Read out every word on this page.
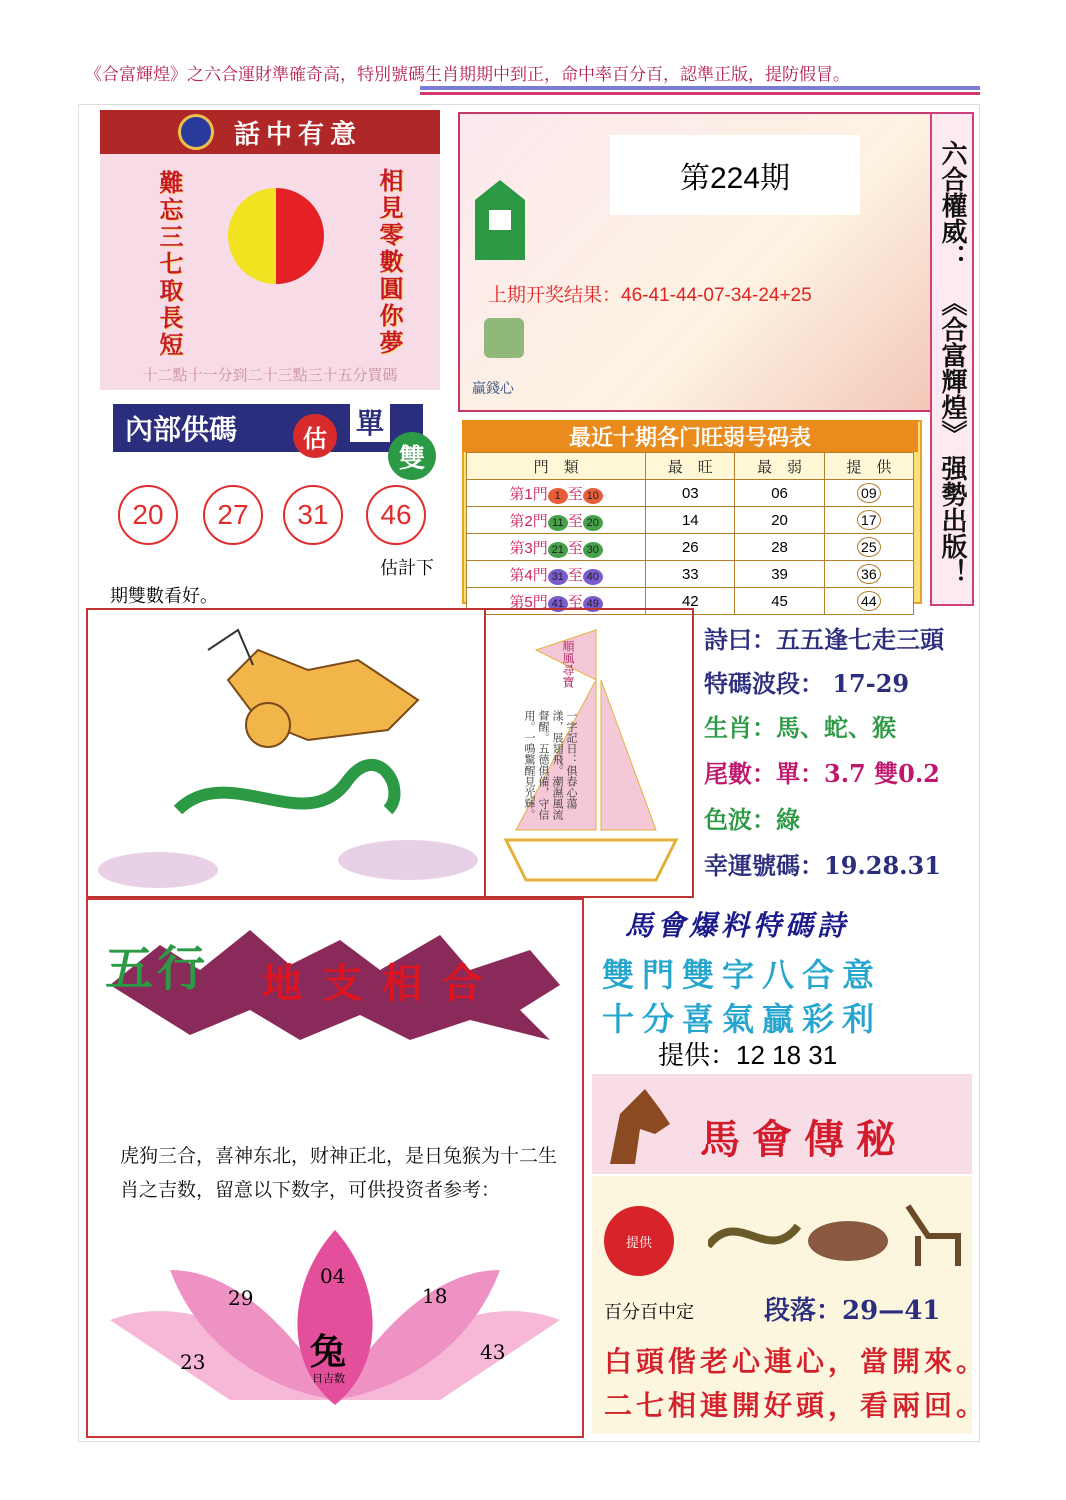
《合富輝煌》之六合運財準確奇高，特別號碼生肖期期中到正，命中率百分百，認準正版，提防假冒。
話中有意
難忘三七取長短	相見零數圓你夢
十二點十一分到二十三點三十五分買碼
內部供碼	估	單
雙
20	27	31	46
估計下
期雙數看好。
第224期
上期开奖结果：46-41-44-07-34-24+25
贏錢心
六合權威：
《合富輝煌》
强勢出版！
最近十期各门旺弱号码表
門　類	最　旺	最　弱	提　供
第1門 1 至 10	03	06	09
第2門 11 至 20	14	20	17
第3門 21 至 30	26	28	25
第4門 31 至 40	33	39	36
第5門 41 至 49	42	45	44
順風尋寶
一字記日：俱春心蕩漾，展翅飛。潮濕風流督醒。五德俱備，守信用。一鳴驚醒見光輝。
詩曰：五五逢七走三頭
特碼波段： 17-29
生肖：馬、蛇、猴
尾數：單：3.7 雙0.2
色波：綠
幸運號碼：19.28.31
五行 地支相合
虎狗三合，喜神东北，财神正北，是日兔猴为十二生肖之吉数，留意以下数字，可供投资者参考：
04
29	18
23	43
兔
日吉数
馬會爆料特碼詩
雙門雙字八合意
十分喜氣贏彩利
提供：12 18 31
馬會傳秘
提供
百分百中定	段落：29—41
白頭偕老心連心，當開來。
二七相連開好頭，看兩回。
